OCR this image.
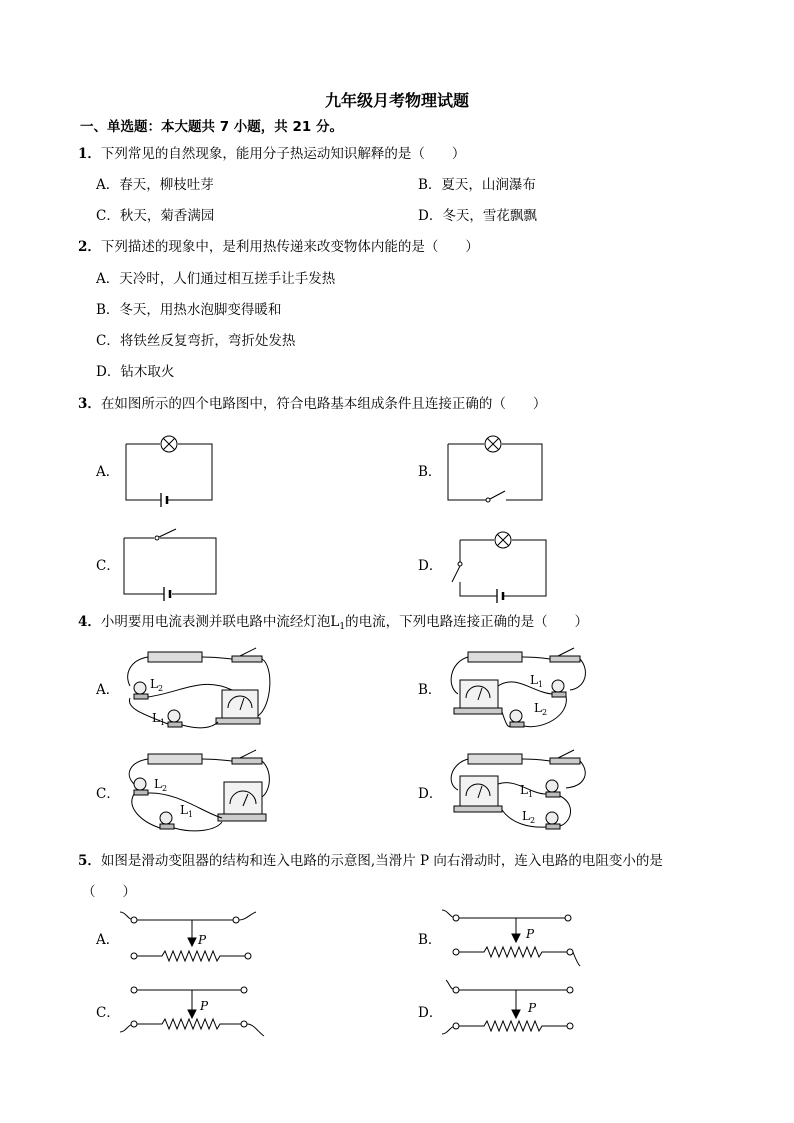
九年级月考物理试题
一、单选题：本大题共 7 小题，共 21 分。
1．下列常见的自然现象，能用分子热运动知识解释的是（　　）
A．春天，柳枝吐芽	B．夏天，山涧瀑布
C．秋天，菊香满园	D．冬天，雪花飘飘
2．下列描述的现象中，是利用热传递来改变物体内能的是（　　）
A．天冷时，人们通过相互搓手让手发热
B．冬天，用热水泡脚变得暖和
C．将铁丝反复弯折，弯折处发热
D．钻木取火
3．在如图所示的四个电路图中，符合电路基本组成条件且连接正确的（　　）
A．	B．
C．	D．
4．小明要用电流表测并联电路中流经灯泡$L_1$的电流，下列电路连接正确的是（　　）
A．	$L_2$
$L_1$
B．
$L_1$
$L_2$
C．
$L_2$
$L_1$
D．	$L_1$
$L_2$
5．如图是滑动变阻器的结构和连入电路的示意图,当滑片 P 向右滑动时，连入电路的电阻变小的是
（　　）
A．	P	B．	P
C．	P	D．	P
